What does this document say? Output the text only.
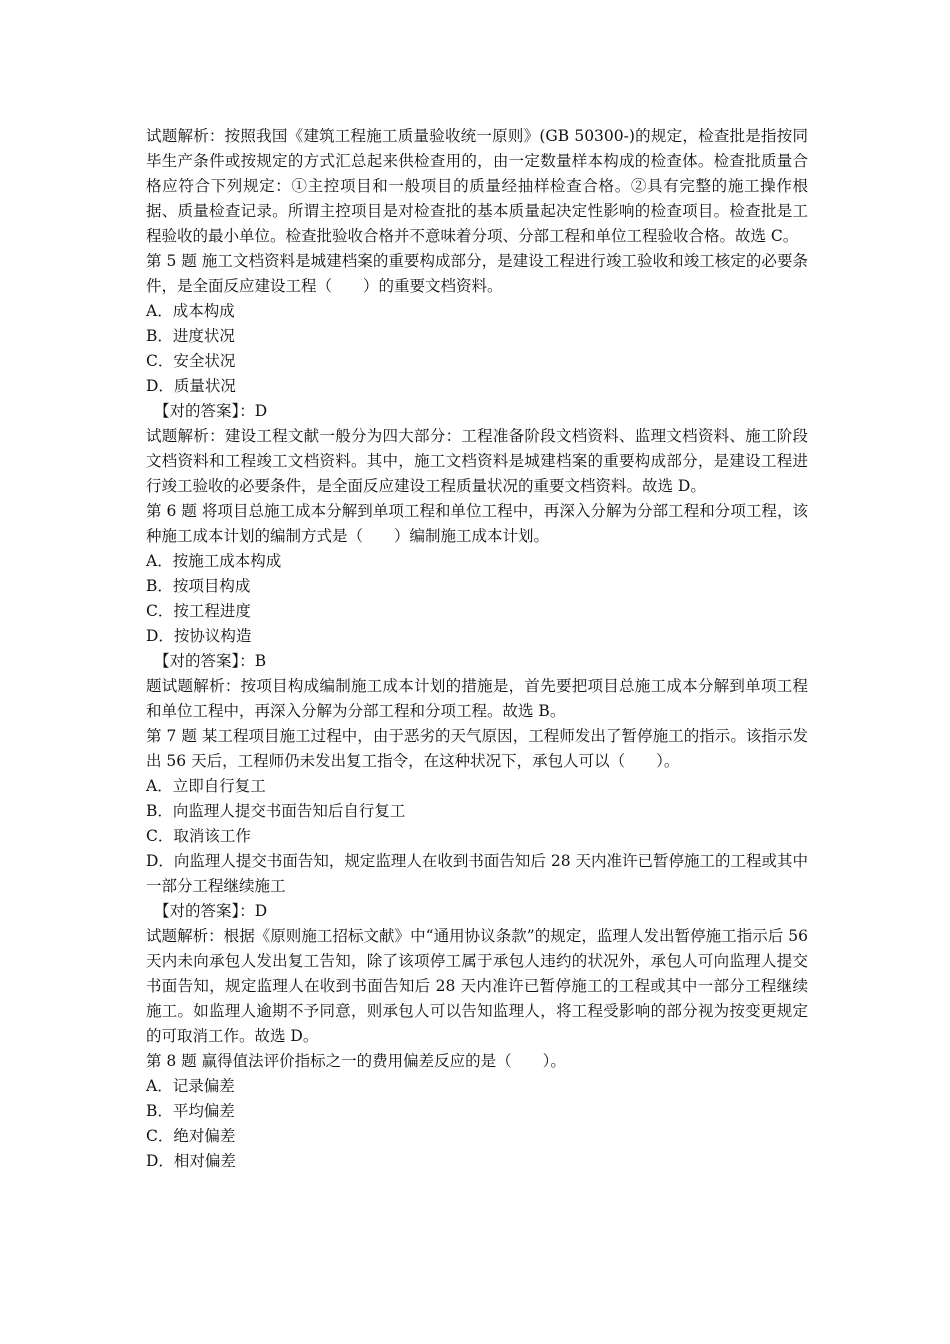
试题解析：按照我国《建筑工程施工质量验收统一原则》(GB 50300-)的规定，检查批是指按同毕生产条件或按规定的方式汇总起来供检查用的，由一定数量样本构成的检查体。检查批质量合格应符合下列规定：①主控项目和一般项目的质量经抽样检查合格。②具有完整的施工操作根据、质量检查记录。所谓主控项目是对检查批的基本质量起决定性影响的检查项目。检查批是工程验收的最小单位。检查批验收合格并不意味着分项、分部工程和单位工程验收合格。故选 C。

第 5 题 施工文档资料是城建档案的重要构成部分，是建设工程进行竣工验收和竣工核定的必要条件，是全面反应建设工程（　　）的重要文档资料。

A．成本构成

B．进度状况

C．安全状况

D．质量状况

【对的答案】：D

试题解析：建设工程文献一般分为四大部分：工程准备阶段文档资料、监理文档资料、施工阶段文档资料和工程竣工文档资料。其中，施工文档资料是城建档案的重要构成部分，是建设工程进行竣工验收的必要条件，是全面反应建设工程质量状况的重要文档资料。故选 D。

第 6 题 将项目总施工成本分解到单项工程和单位工程中，再深入分解为分部工程和分项工程，该种施工成本计划的编制方式是（　　）编制施工成本计划。

A．按施工成本构成

B．按项目构成

C．按工程进度

D．按协议构造

【对的答案】：B

题试题解析：按项目构成编制施工成本计划的措施是，首先要把项目总施工成本分解到单项工程和单位工程中，再深入分解为分部工程和分项工程。故选 B。

第 7 题 某工程项目施工过程中，由于恶劣的天气原因，工程师发出了暂停施工的指示。该指示发出 56 天后，工程师仍未发出复工指令，在这种状况下，承包人可以（　　）。

A．立即自行复工

B．向监理人提交书面告知后自行复工

C．取消该工作

D．向监理人提交书面告知，规定监理人在收到书面告知后 28 天内准许已暂停施工的工程或其中一部分工程继续施工

【对的答案】：D

试题解析：根据《原则施工招标文献》中“通用协议条款”的规定，监理人发出暂停施工指示后 56 天内未向承包人发出复工告知，除了该项停工属于承包人违约的状况外，承包人可向监理人提交书面告知，规定监理人在收到书面告知后 28 天内准许已暂停施工的工程或其中一部分工程继续施工。如监理人逾期不予同意，则承包人可以告知监理人，将工程受影响的部分视为按变更规定的可取消工作。故选 D。

第 8 题 赢得值法评价指标之一的费用偏差反应的是（　　）。

A．记录偏差

B．平均偏差

C．绝对偏差

D．相对偏差
